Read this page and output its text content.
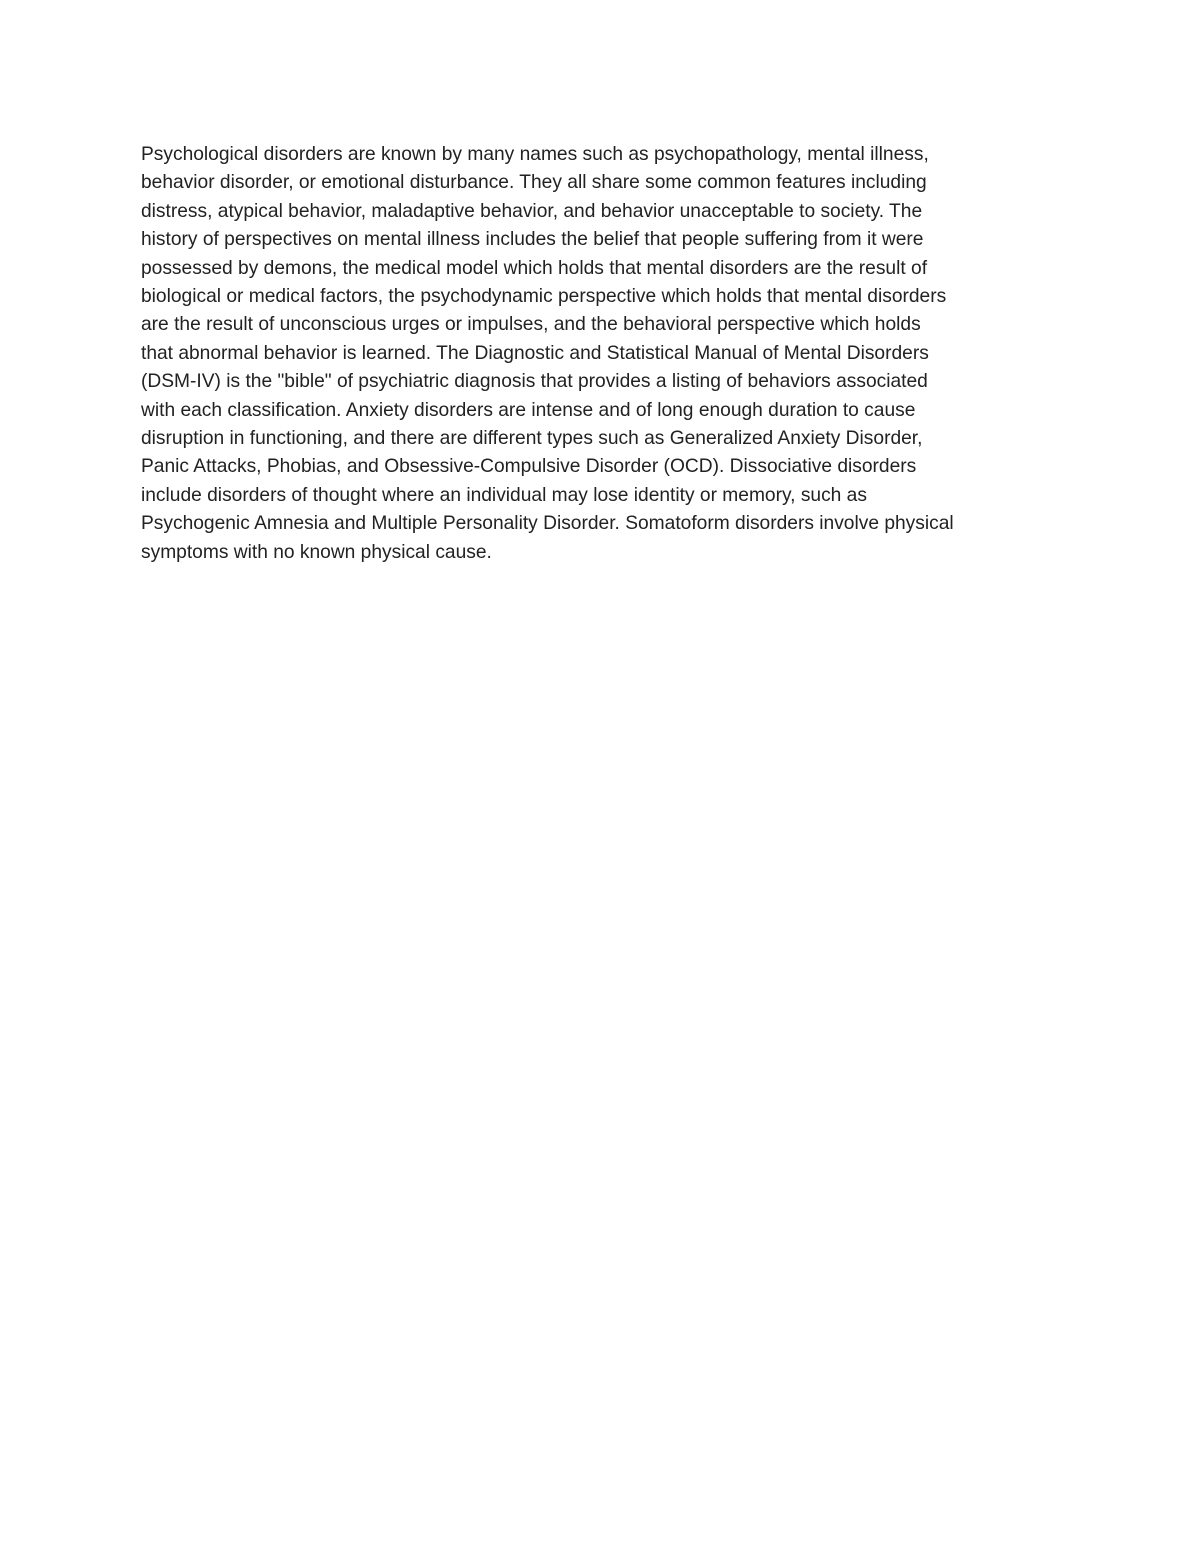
Psychological disorders are known by many names such as psychopathology, mental illness,
behavior disorder, or emotional disturbance. They all share some common features including
distress, atypical behavior, maladaptive behavior, and behavior unacceptable to society. The
history of perspectives on mental illness includes the belief that people suffering from it were
possessed by demons, the medical model which holds that mental disorders are the result of
biological or medical factors, the psychodynamic perspective which holds that mental disorders
are the result of unconscious urges or impulses, and the behavioral perspective which holds
that abnormal behavior is learned. The Diagnostic and Statistical Manual of Mental Disorders
(DSM-IV) is the "bible" of psychiatric diagnosis that provides a listing of behaviors associated
with each classification. Anxiety disorders are intense and of long enough duration to cause
disruption in functioning, and there are different types such as Generalized Anxiety Disorder,
Panic Attacks, Phobias, and Obsessive-Compulsive Disorder (OCD). Dissociative disorders
include disorders of thought where an individual may lose identity or memory, such as
Psychogenic Amnesia and Multiple Personality Disorder. Somatoform disorders involve physical
symptoms with no known physical cause.
